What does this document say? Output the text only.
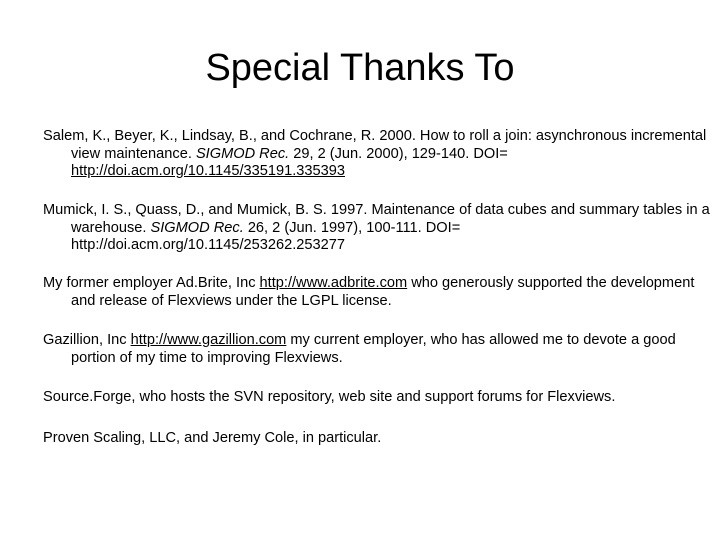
Special Thanks To

Salem, K., Beyer, K., Lindsay, B., and Cochrane, R. 2000. How to roll a join: asynchronous incremental view maintenance. SIGMOD Rec. 29, 2 (Jun. 2000), 129-140. DOI= http://doi.acm.org/10.1145/335191.335393

Mumick, I. S., Quass, D., and Mumick, B. S. 1997. Maintenance of data cubes and summary tables in a warehouse. SIGMOD Rec. 26, 2 (Jun. 1997), 100-111. DOI= http://doi.acm.org/10.1145/253262.253277

My former employer Ad.Brite, Inc http://www.adbrite.com who generously supported the development and release of Flexviews under the LGPL license.

Gazillion, Inc http://www.gazillion.com my current employer, who has allowed me to devote a good portion of my time to improving Flexviews.

Source.Forge, who hosts the SVN repository, web site and support forums for Flexviews.

Proven Scaling, LLC, and Jeremy Cole, in particular.
